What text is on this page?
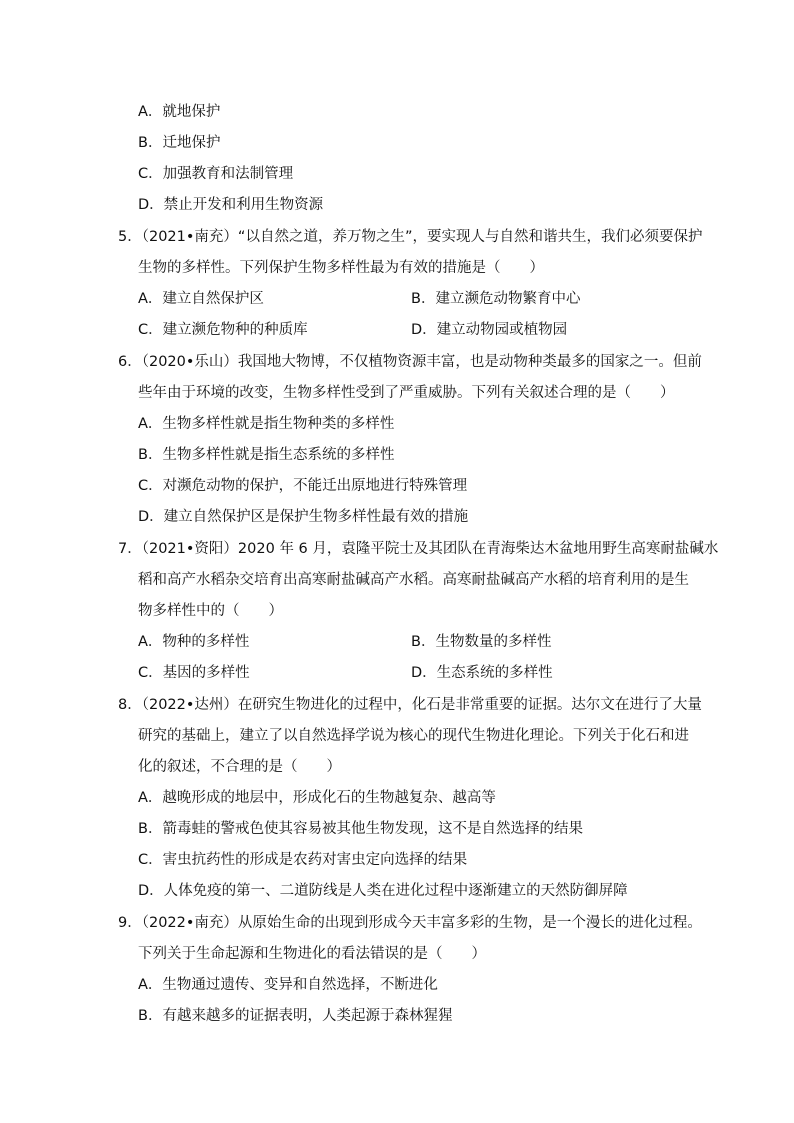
A．就地保护
B．迁地保护
C．加强教育和法制管理
D．禁止开发和利用生物资源
5．（2021•南充）“以自然之道，养万物之生”，要实现人与自然和谐共生，我们必须要保护
生物的多样性。下列保护生物多样性最为有效的措施是（　　）
A．建立自然保护区	B．建立濒危动物繁育中心
C．建立濒危物种的种质库	D．建立动物园或植物园
6．（2020•乐山）我国地大物博，不仅植物资源丰富，也是动物种类最多的国家之一。但前
些年由于环境的改变，生物多样性受到了严重威胁。下列有关叙述合理的是（　　）
A．生物多样性就是指生物种类的多样性
B．生物多样性就是指生态系统的多样性
C．对濒危动物的保护，不能迁出原地进行特殊管理
D．建立自然保护区是保护生物多样性最有效的措施
7．（2021•资阳）2020 年 6 月，袁隆平院士及其团队在青海柴达木盆地用野生高寒耐盐碱水
稻和高产水稻杂交培育出高寒耐盐碱高产水稻。高寒耐盐碱高产水稻的培育利用的是生
物多样性中的（　　）
A．物种的多样性	B．生物数量的多样性
C．基因的多样性	D．生态系统的多样性
8．（2022•达州）在研究生物进化的过程中，化石是非常重要的证据。达尔文在进行了大量
研究的基础上，建立了以自然选择学说为核心的现代生物进化理论。下列关于化石和进
化的叙述，不合理的是（　　）
A．越晚形成的地层中，形成化石的生物越复杂、越高等
B．箭毒蛙的警戒色使其容易被其他生物发现，这不是自然选择的结果
C．害虫抗药性的形成是农药对害虫定向选择的结果
D．人体免疫的第一、二道防线是人类在进化过程中逐渐建立的天然防御屏障
9．（2022•南充）从原始生命的出现到形成今天丰富多彩的生物，是一个漫长的进化过程。
下列关于生命起源和生物进化的看法错误的是（　　）
A．生物通过遗传、变异和自然选择，不断进化
B．有越来越多的证据表明，人类起源于森林猩猩
